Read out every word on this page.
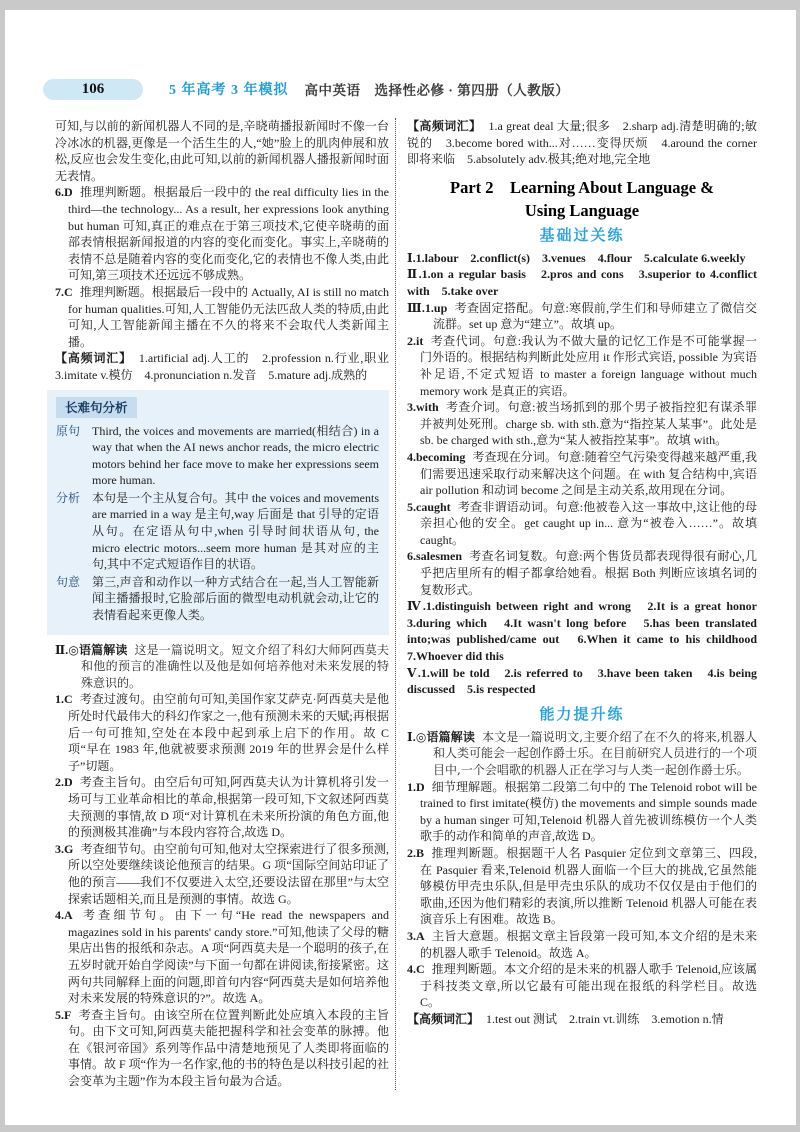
106	5 年高考 3 年模拟 高中英语　选择性必修 · 第四册（人教版）

可知,与以前的新闻机器人不同的是,辛晓萌播报新闻时不像一台冷冰冰的机器,更像是一个活生生的人,“她”脸上的肌肉伸展和放松,反应也会发生变化,由此可知,以前的新闻机器人播报新闻时面无表情。

6.D 推理判断题。根据最后一段中的 the real difficulty lies in the third—the technology... As a result, her expressions look anything but human 可知,真正的难点在于第三项技术,它使辛晓萌的面部表情根据新闻报道的内容的变化而变化。事实上,辛晓萌的表情不总是随着内容的变化而变化,它的表情也不像人类,由此可知,第三项技术还远远不够成熟。

7.C 推理判断题。根据最后一段中的 Actually, AI is still no match for human qualities.可知,人工智能仍无法匹敌人类的特质,由此可知,人工智能新闻主播在不久的将来不会取代人类新闻主播。

【高频词汇】 1.artificial adj.人工的　2.profession n.行业,职业 3.imitate v.模仿　4.pronunciation n.发音　5.mature adj.成熟的

长难句分析
原句 Third, the voices and movements are married(相结合) in a way that when the AI news anchor reads, the micro electric motors behind her face move to make her expressions seem more human.
分析 本句是一个主从复合句。其中 the voices and movements are married in a way 是主句,way 后面是 that 引导的定语从句。在定语从句中,when 引导时间状语从句, the micro electric motors...seem more human 是其对应的主句,其中不定式短语作目的状语。
句意 第三,声音和动作以一种方式结合在一起,当人工智能新闻主播播报时,它脸部后面的微型电动机就会动,让它的表情看起来更像人类。

Ⅱ.◎语篇解读 这是一篇说明文。短文介绍了科幻大师阿西莫夫和他的预言的准确性以及他是如何培养他对未来发展的特殊意识的。

1.C 考查过渡句。由空前句可知,美国作家艾萨克·阿西莫夫是他所处时代最伟大的科幻作家之一,他有预测未来的天赋;再根据后一句可推知,空处在本段中起到承上启下的作用。故 C 项“早在 1983 年,他就被要求预测 2019 年的世界会是什么样子”切题。

2.D 考查主旨句。由空后句可知,阿西莫夫认为计算机将引发一场可与工业革命相比的革命,根据第一段可知,下文叙述阿西莫夫预测的事情,故 D 项“对计算机在未来所扮演的角色方面,他的预测极其准确”与本段内容符合,故选 D。

3.G 考查细节句。由空前句可知,他对太空探索进行了很多预测,所以空处要继续谈论他预言的结果。G 项“国际空间站印证了他的预言——我们不仅要进入太空,还要设法留在那里”与太空探索话题相关,而且是预测的事情。故选 G。

4.A 考查细节句。由下一句“He read the newspapers and magazines sold in his parents' candy store.”可知,他读了父母的糖果店出售的报纸和杂志。A 项“阿西莫夫是一个聪明的孩子,在五岁时就开始自学阅读”与下面一句都在讲阅读,衔接紧密。这两句共同解释上面的问题,即首句内容“阿西莫夫是如何培养他对未来发展的特殊意识的?”。故选 A。

5.F 考查主旨句。由该空所在位置判断此处应填入本段的主旨句。由下文可知,阿西莫夫能把握科学和社会变革的脉搏。他在《银河帝国》系列等作品中清楚地预见了人类即将面临的事情。故 F 项“作为一名作家,他的书的特色是以科技引起的社会变革为主题”作为本段主旨句最为合适。

【高频词汇】 1.a great deal 大量;很多　2.sharp adj.清楚明确的;敏锐的　3.become bored with...对……变得厌烦　4.around the corner 即将来临　5.absolutely adv.极其;绝对地,完全地

Part 2　Learning About Language &
Using Language
基础过关练

Ⅰ.1.labour　2.conflict(s)　3.venues　4.flour　5.calculate 6.weekly

Ⅱ.1.on a regular basis　2.pros and cons　3.superior to 4.conflict with　5.take over

Ⅲ.1.up 考查固定搭配。句意:寒假前,学生们和导师建立了微信交流群。set up 意为“建立”。故填 up。

2.it 考查代词。句意:我认为不做大量的记忆工作是不可能掌握一门外语的。根据结构判断此处应用 it 作形式宾语, possible 为宾语补足语,不定式短语 to master a foreign language without much memory work 是真正的宾语。

3.with 考查介词。句意:被当场抓到的那个男子被指控犯有谋杀罪并被判处死刑。charge sb. with sth.意为“指控某人某事”。此处是 sb. be charged with sth.,意为“某人被指控某事”。故填 with。

4.becoming 考查现在分词。句意:随着空气污染变得越来越严重,我们需要迅速采取行动来解决这个问题。在 with 复合结构中,宾语 air pollution 和动词 become 之间是主动关系,故用现在分词。

5.caught 考查非谓语动词。句意:他被卷入这一事故中,这让他的母亲担心他的安全。get caught up in... 意为“被卷入……”。故填 caught。

6.salesmen 考查名词复数。句意:两个售货员都表现得很有耐心,几乎把店里所有的帽子都拿给她看。根据 Both 判断应该填名词的复数形式。

Ⅳ.1.distinguish between right and wrong　2.It is a great honor 3.during which　4.It wasn't long before　5.has been translated into;was published/came out　6.When it came to his childhood 7.Whoever did this

Ⅴ.1.will be told　2.is referred to　3.have been taken　4.is being discussed　5.is respected

能力提升练

Ⅰ.◎语篇解读 本文是一篇说明文,主要介绍了在不久的将来,机器人和人类可能会一起创作爵士乐。在目前研究人员进行的一个项目中,一个会唱歌的机器人正在学习与人类一起创作爵士乐。

1.D 细节理解题。根据第二段第二句中的 The Telenoid robot will be trained to first imitate(模仿) the movements and simple sounds made by a human singer 可知,Telenoid 机器人首先被训练模仿一个人类歌手的动作和简单的声音,故选 D。

2.B 推理判断题。根据题干人名 Pasquier 定位到文章第三、四段,在 Pasquier 看来,Telenoid 机器人面临一个巨大的挑战,它虽然能够模仿甲壳虫乐队,但是甲壳虫乐队的成功不仅仅是由于他们的歌曲,还因为他们精彩的表演,所以推断 Telenoid 机器人可能在表演音乐上有困难。故选 B。

3.A 主旨大意题。根据文章主旨段第一段可知,本文介绍的是未来的机器人歌手 Telenoid。故选 A。

4.C 推理判断题。本文介绍的是未来的机器人歌手 Telenoid,应该属于科技类文章,所以它最有可能出现在报纸的科学栏目。故选 C。

【高频词汇】 1.test out 测试　2.train vt.训练　3.emotion n.情
